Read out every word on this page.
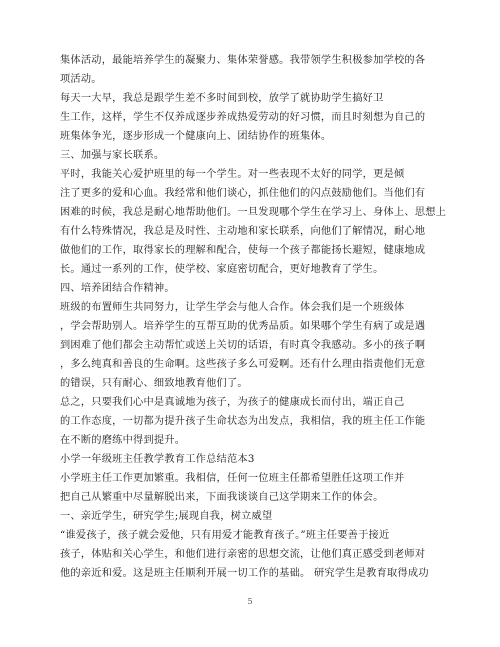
集体活动，最能培养学生的凝聚力、集体荣誉感。我带领学生积极参加学校的各
项活动。
每天一大早，我总是跟学生差不多时间到校，放学了就协助学生搞好卫
生工作，这样，学生不仅养成逐步养成热爱劳动的好习惯，而且时刻想为自己的
班集体争光，逐步形成一个健康向上、团结协作的班集体。
三、加强与家长联系。
平时，我能关心爱护班里的每一个学生。对一些表现不太好的同学，更是倾
注了更多的爱和心血。我经常和他们谈心，抓住他们的闪点鼓励他们。当他们有
困难的时候，我总是耐心地帮助他们。一旦发现哪个学生在学习上、身体上、思想上
有什么特殊情况，我总是及时性、主动地和家长联系，向他们了解情况，耐心地
做他们的工作，取得家长的理解和配合，使每一个孩子都能扬长避短，健康地成
长。通过一系列的工作，使学校、家庭密切配合，更好地教育了学生。
四、培养团结合作精神。
班级的布置师生共同努力，让学生学会与他人合作。体会我们是一个班级体
，学会帮助别人。培养学生的互帮互助的优秀品质。如果哪个学生有病了或是遇
到困难了他们都会主动帮忙或送上关切的话语，有时真令我感动。多小的孩子啊
，多么纯真和善良的生命啊。这些孩子多么可爱啊。还有什么理由指责他们无意
的错误，只有耐心、细致地教育他们了。
总之，只要我们心中是真诚地为孩子，为孩子的健康成长而付出，端正自己
的工作态度，一切都为提升孩子生命状态为出发点，我相信，我的班主任工作能
在不断的磨练中得到提升。
小学一年级班主任教学教育工作总结范本3
小学班主任工作更加繁重。我相信，任何一位班主任都希望胜任这项工作并
把自己从繁重中尽量解脱出来，下面我谈谈自己这学期来工作的体会。
一、亲近学生，研究学生;展现自我，树立威望
“谁爱孩子，孩子就会爱他，只有用爱才能教育孩子。”班主任要善于接近
孩子，体贴和关心学生，和他们进行亲密的思想交流，让他们真正感受到老师对
他的亲近和爱。这是班主任顺利开展一切工作的基础。 研究学生是教育取得成功
5
